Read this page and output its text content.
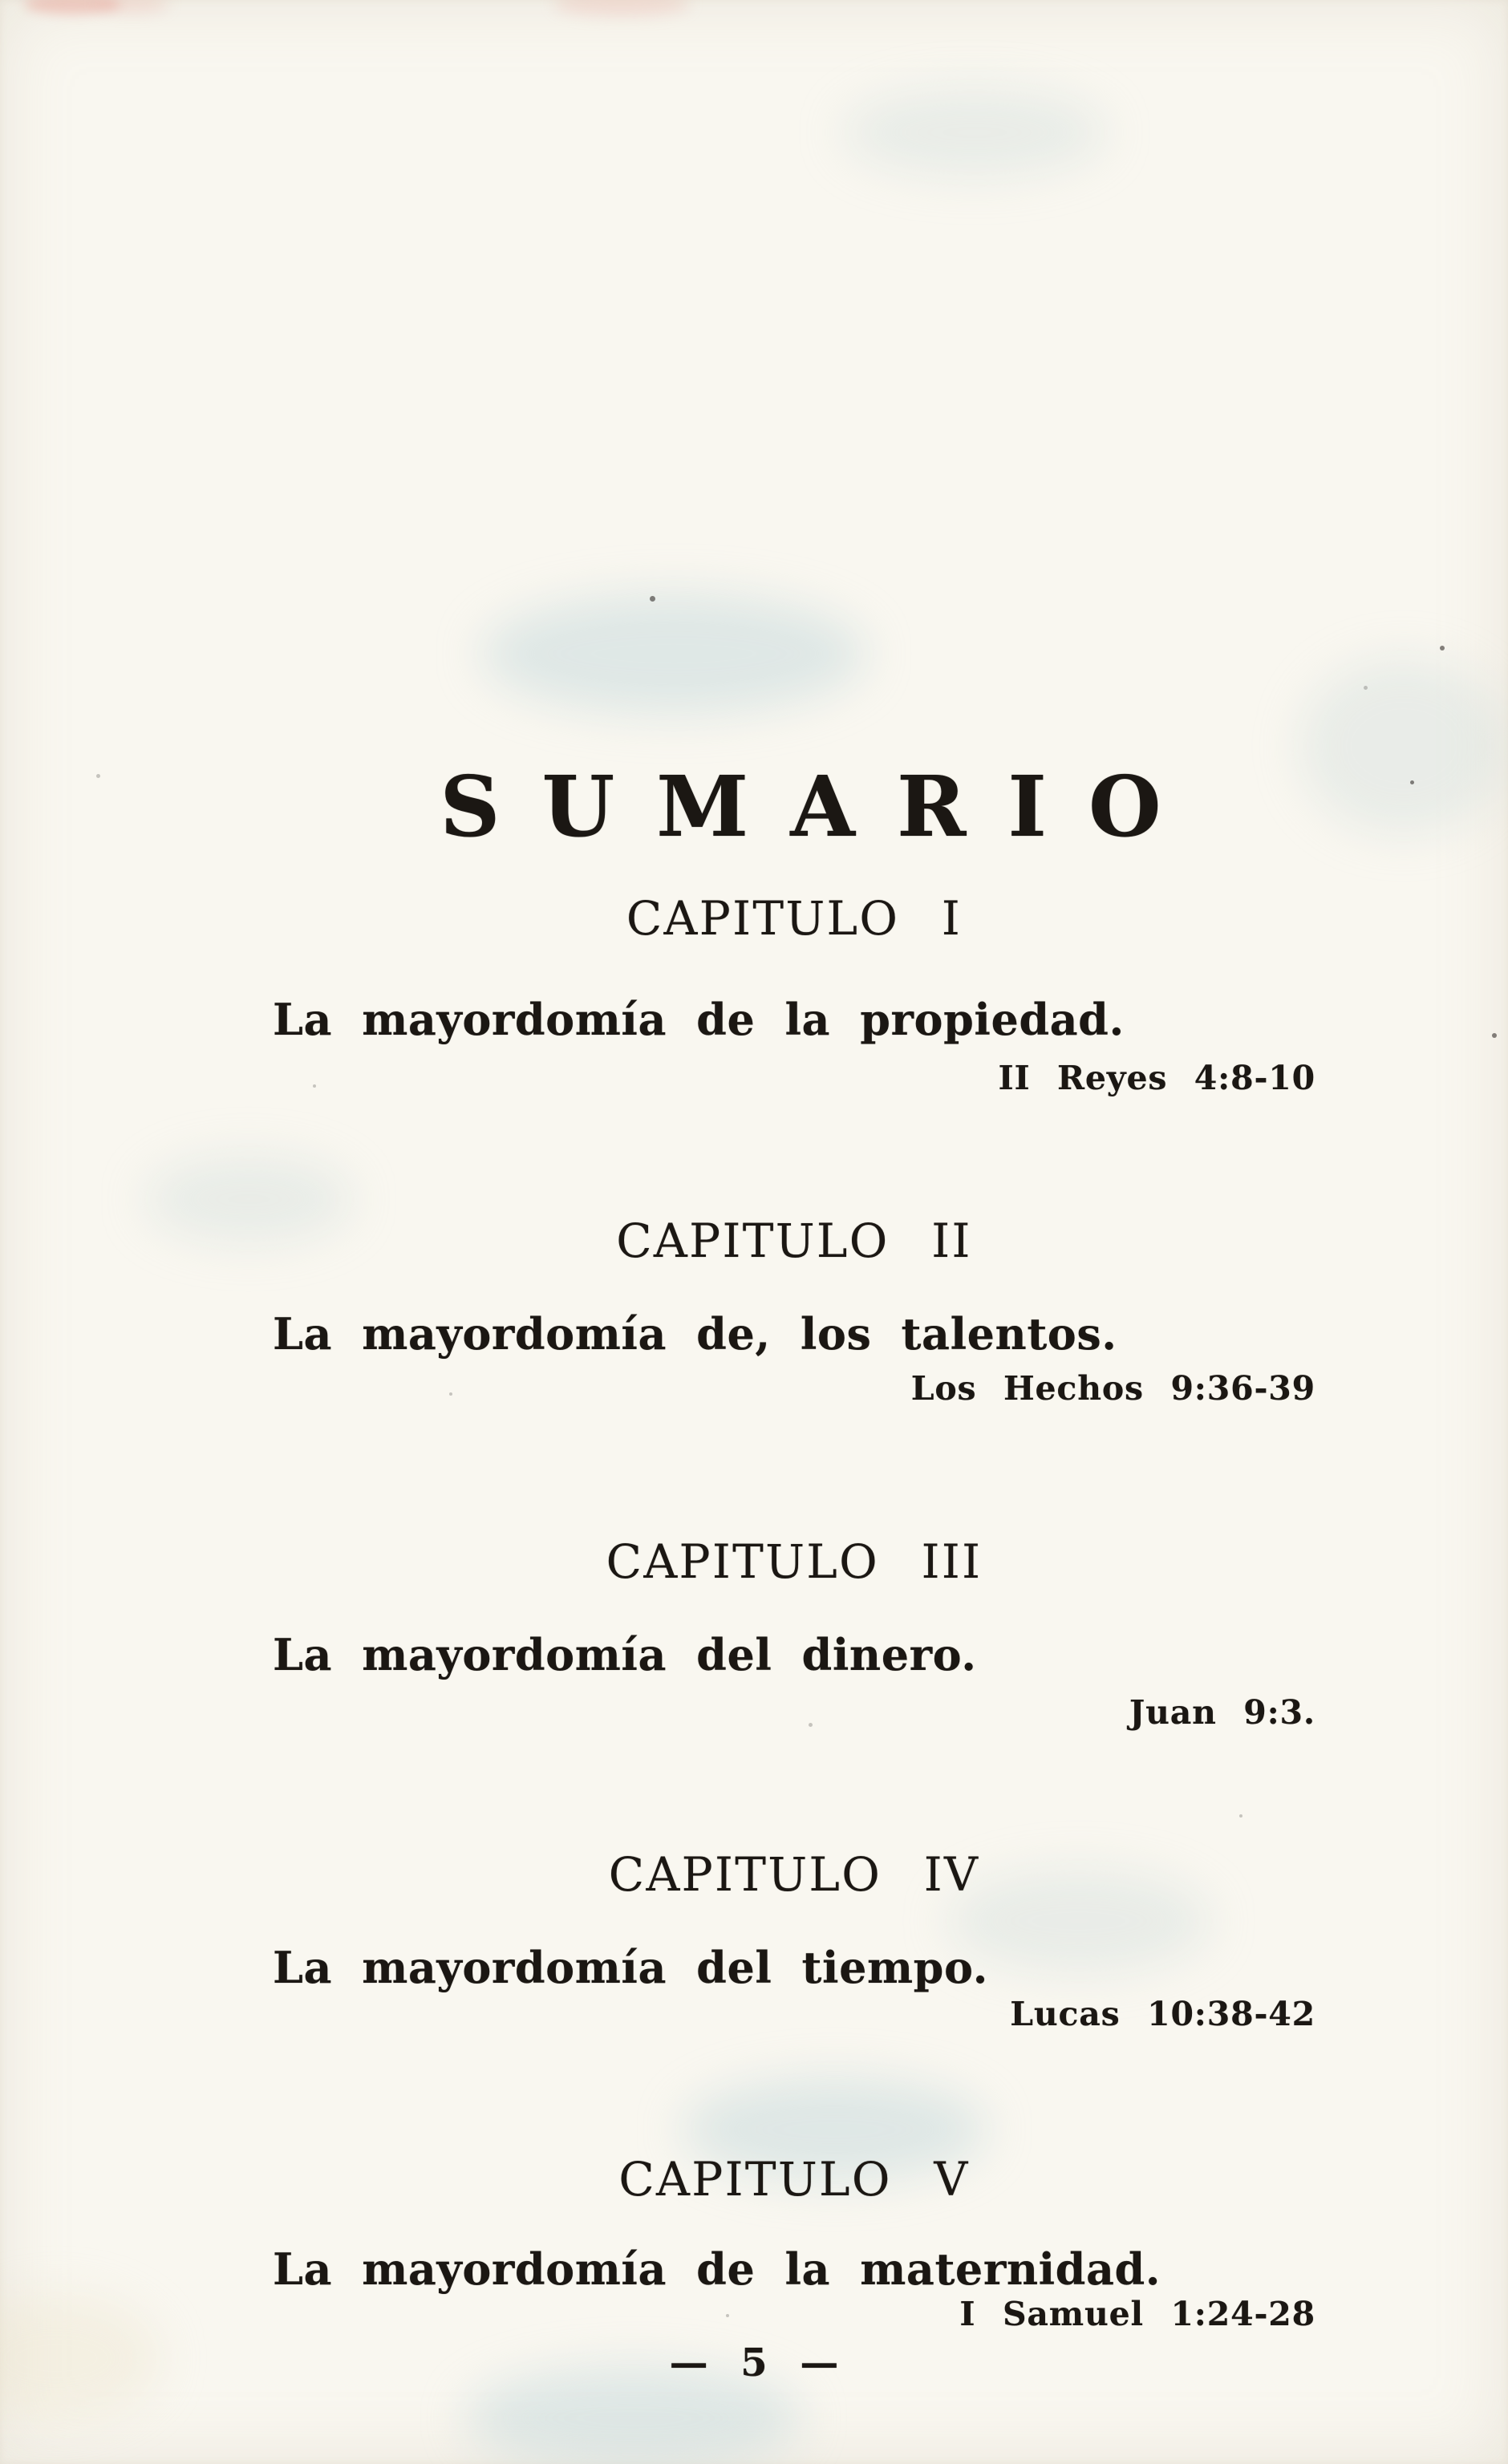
SUMARIO
CAPITULO I

La mayordomía de la propiedad.

II Reyes 4:8-10

CAPITULO II

La mayordomía de, los talentos.

Los Hechos 9:36-39

CAPITULO III

La mayordomía del dinero.

Juan 9:3.

CAPITULO IV

La mayordomía del tiempo.

Lucas 10:38-42

CAPITULO V

La mayordomía de la maternidad.

I Samuel 1:24-28

— 5 —
